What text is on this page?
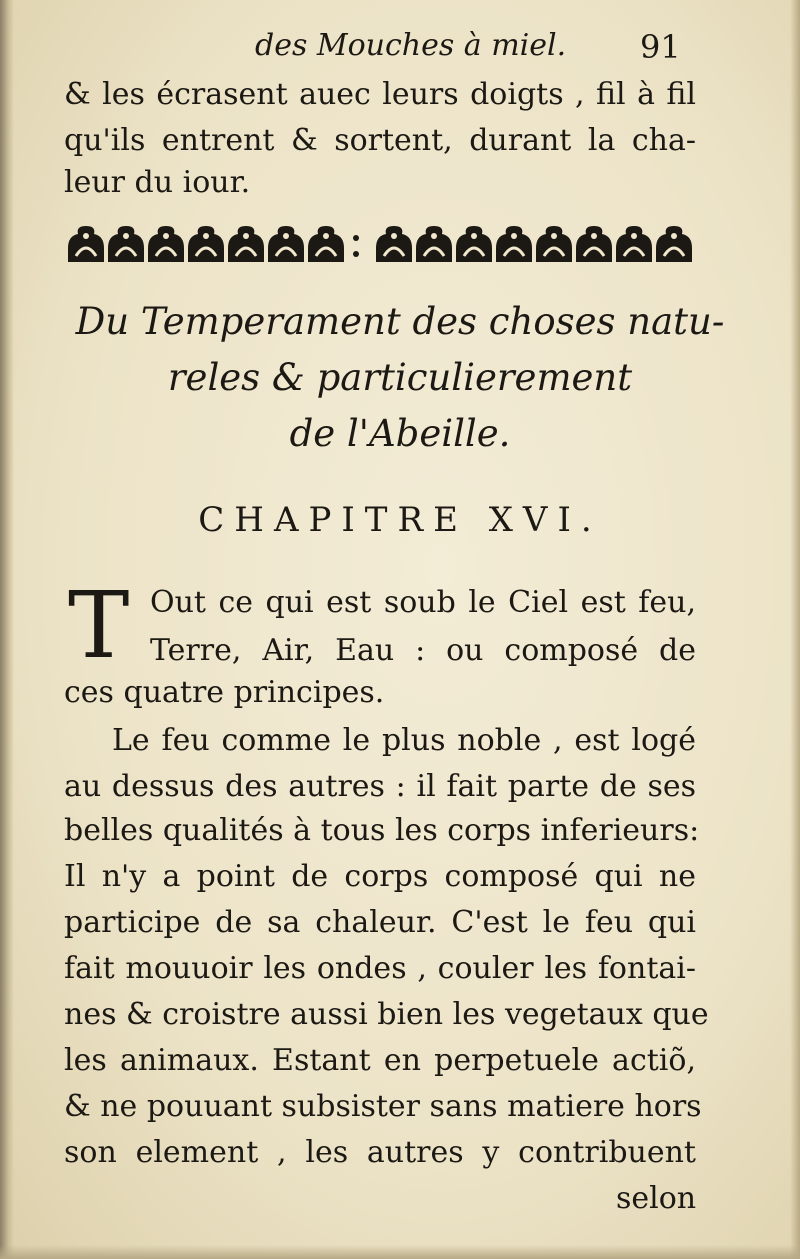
des Mouches à miel. 91
& les écrasent auec leurs doigts , fil à fil
qu'ils entrent & sortent, durant la cha-
leur du iour.
Du Temperament des choses natu-
reles & particulierement
de l'Abeille.
CHAPITRE XVI.
T Out ce qui est soub le Ciel est feu,
Terre, Air, Eau : ou composé de
ces quatre principes.
Le feu comme le plus noble , est logé
au dessus des autres : il fait parte de ses
belles qualités à tous les corps inferieurs:
Il n'y a point de corps composé qui ne
participe de sa chaleur. C'est le feu qui
fait mouuoir les ondes , couler les fontai-
nes & croistre aussi bien les vegetaux que
les animaux. Estant en perpetuele actiõ,
& ne pouuant subsister sans matiere hors
son element , les autres y contribuent
selon
